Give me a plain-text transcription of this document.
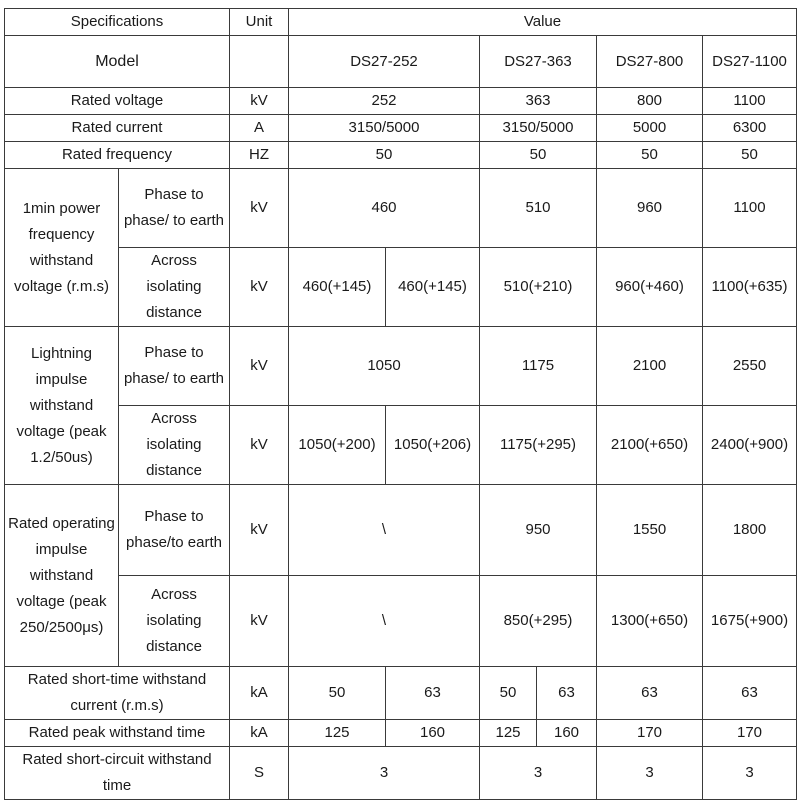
Specifications		Unit	Value					
Model			DS27-252		DS27-363		DS27-800	DS27-1100
Rated voltage		kV	252		363		800	1100
Rated current		A	3150/5000		3150/5000		5000	6300
Rated frequency		HZ	50		50		50	50
1min power frequency withstand voltage (r.m.s)	Phase to phase/ to earth	kV	460		510		960	1100
	Across isolating distance	kV	460(+145)	460(+145)	510(+210)		960(+460)	1100(+635)
Lightning impulse withstand voltage (peak 1.2/50us)	Phase to phase/ to earth	kV	1050		1175		2100	2550
	Across isolating distance	kV	1050(+200)	1050(+206)	1175(+295)		2100(+650)	2400(+900)
Rated operating impulse withstand voltage (peak 250/2500μs)	Phase to phase/to earth	kV	\		950		1550	1800
	Across isolating distance	kV	\		850(+295)		1300(+650)	1675(+900)
Rated short-time withstand current (r.m.s)		kA	50	63	50	63	63	63
Rated peak withstand time		kA	125	160	125	160	170	170
Rated short-circuit withstand time		S	3		3		3	3
